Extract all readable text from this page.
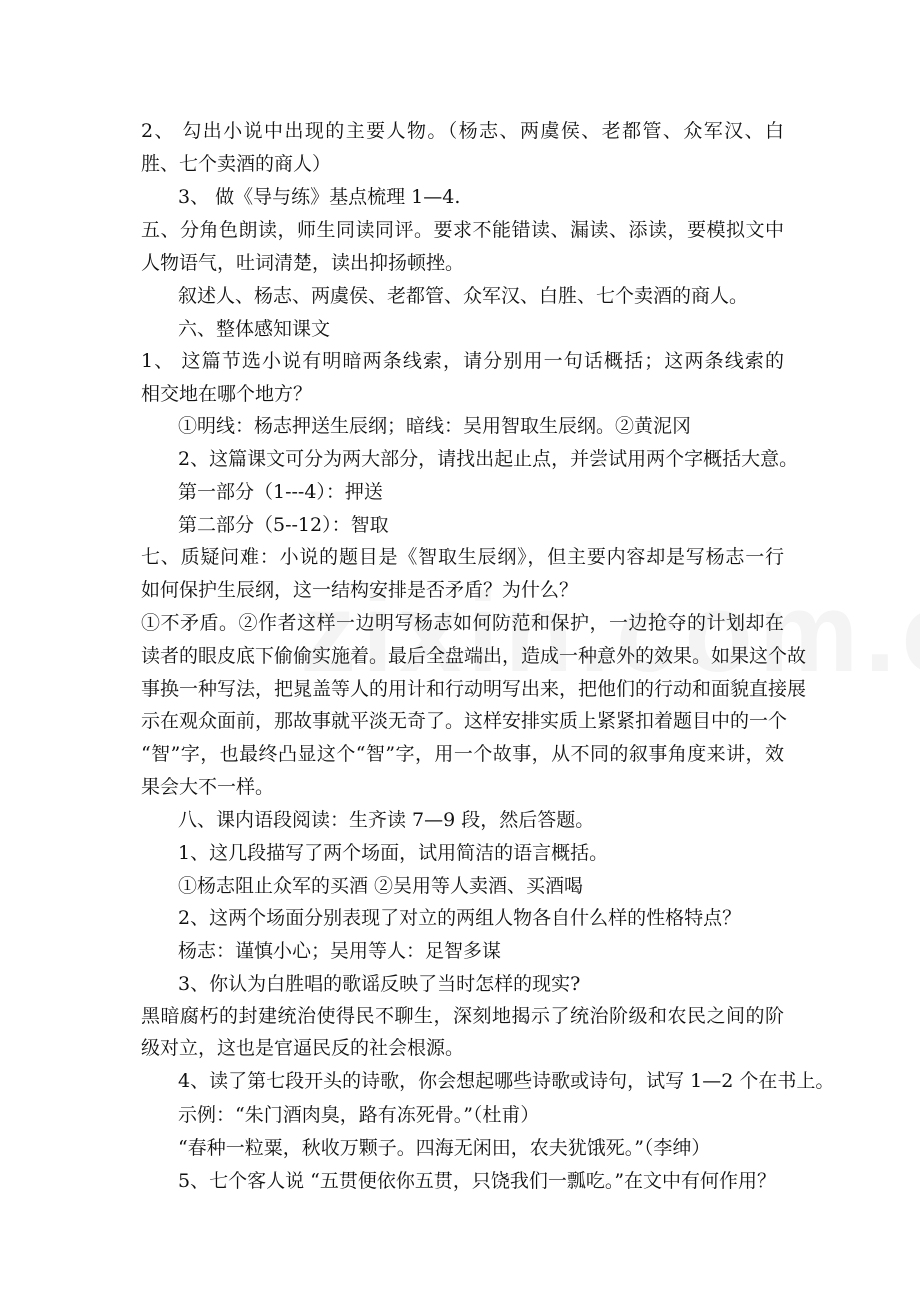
2、 勾出小说中出现的主要人物。（杨志、两虞侯、老都管、众军汉、白
胜、七个卖酒的商人）
3、 做《导与练》基点梳理 1—4.
五、分角色朗读，师生同读同评。要求不能错读、漏读、添读，要模拟文中
人物语气，吐词清楚，读出抑扬顿挫。
叙述人、杨志、两虞侯、老都管、众军汉、白胜、七个卖酒的商人。
六、整体感知课文
1、 这篇节选小说有明暗两条线索，请分别用一句话概括；这两条线索的
相交地在哪个地方？
①明线：杨志押送生辰纲；暗线：吴用智取生辰纲。②黄泥冈
2、这篇课文可分为两大部分，请找出起止点，并尝试用两个字概括大意。
第一部分（1---4）：押送
第二部分（5--12）：智取
七、质疑问难：小说的题目是《智取生辰纲》，但主要内容却是写杨志一行
如何保护生辰纲，这一结构安排是否矛盾？为什么？
①不矛盾。②作者这样一边明写杨志如何防范和保护，一边抢夺的计划却在
读者的眼皮底下偷偷实施着。最后全盘端出，造成一种意外的效果。如果这个故
事换一种写法，把晁盖等人的用计和行动明写出来，把他们的行动和面貌直接展
示在观众面前，那故事就平淡无奇了。这样安排实质上紧紧扣着题目中的一个
“智”字，也最终凸显这个“智”字，用一个故事，从不同的叙事角度来讲，效
果会大不一样。
八、课内语段阅读：生齐读 7—9 段，然后答题。
1、这几段描写了两个场面，试用简洁的语言概括。
①杨志阻止众军的买酒 ②吴用等人卖酒、买酒喝
2、这两个场面分别表现了对立的两组人物各自什么样的性格特点？
杨志：谨慎小心；吴用等人：足智多谋
3、你认为白胜唱的歌谣反映了当时怎样的现实?
黑暗腐朽的封建统治使得民不聊生，深刻地揭示了统治阶级和农民之间的阶
级对立，这也是官逼民反的社会根源。
4、读了第七段开头的诗歌，你会想起哪些诗歌或诗句，试写 1—2 个在书上。
示例：“朱门酒肉臭，路有冻死骨。”（杜甫）
“春种一粒粟，秋收万颗子。四海无闲田，农夫犹饿死。”（李绅）
5、七个客人说 “五贯便依你五贯，只饶我们一瓢吃。”在文中有何作用？
